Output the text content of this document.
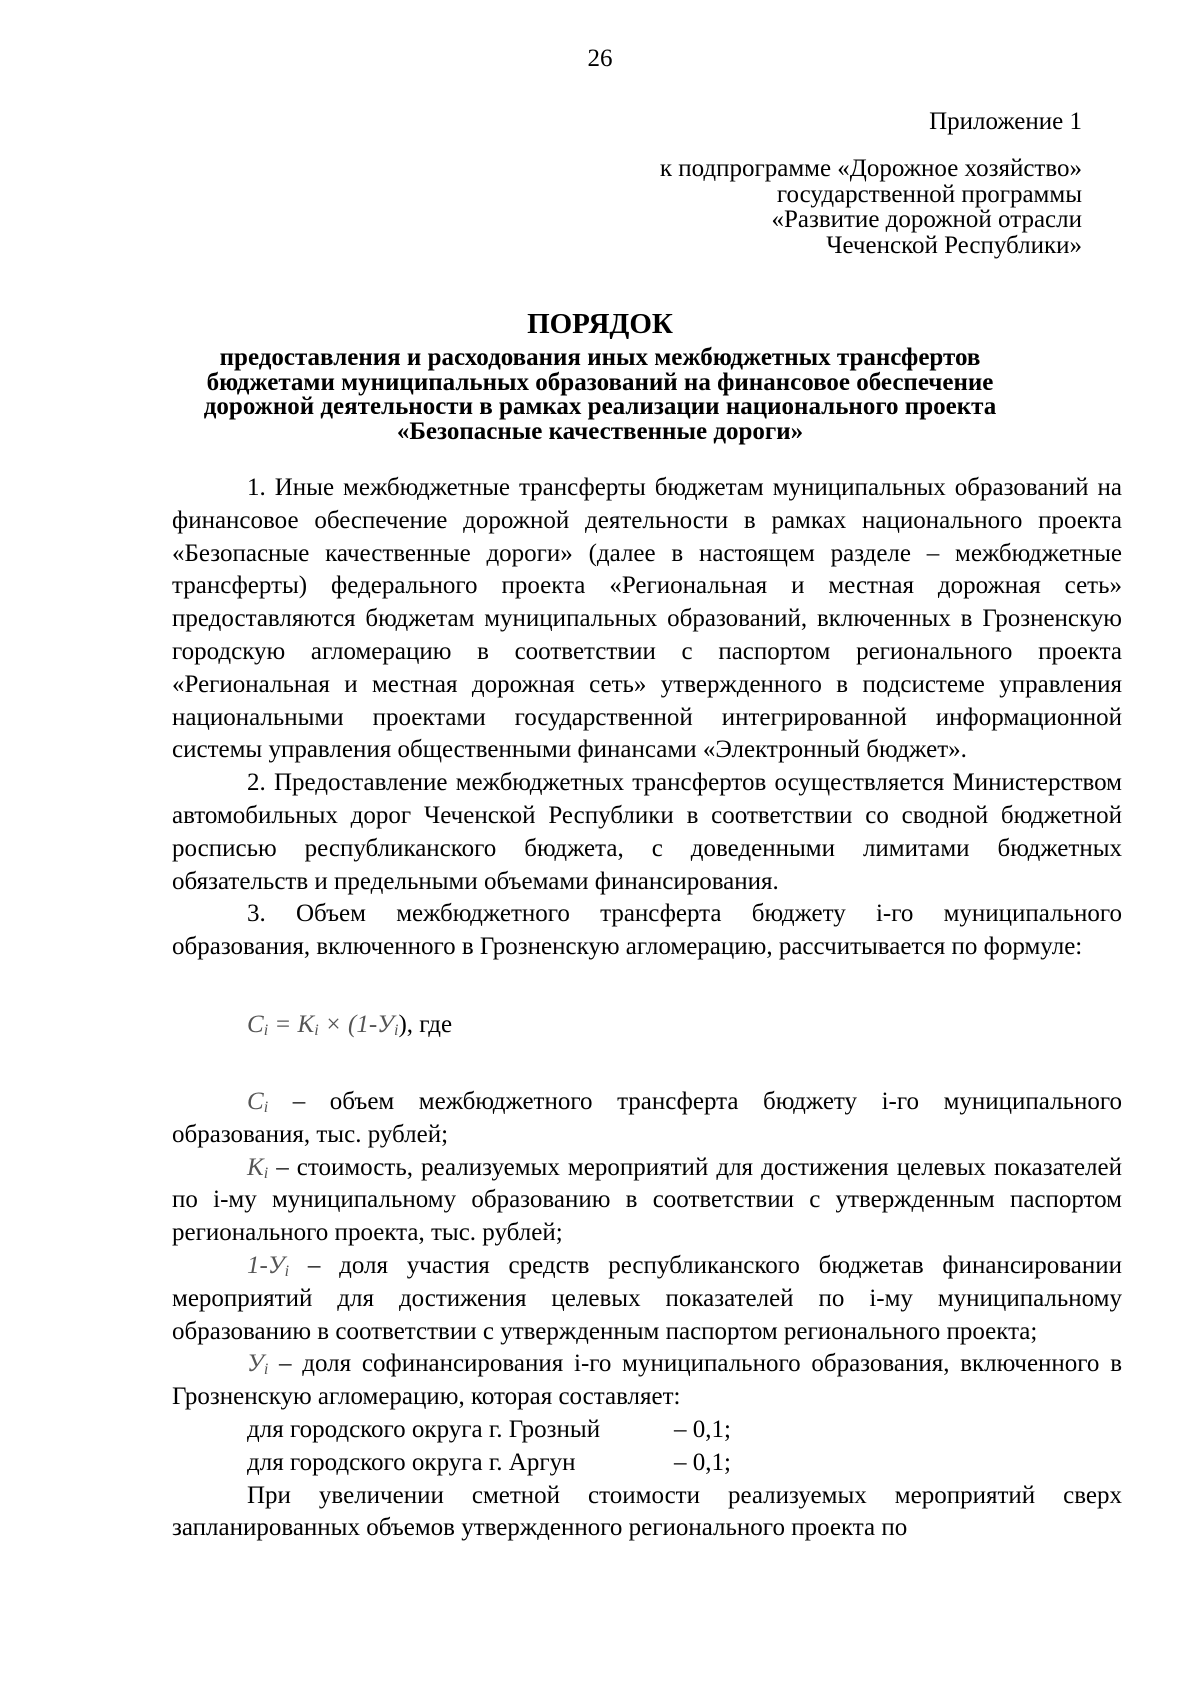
26
Приложение 1
к подпрограмме «Дорожное хозяйство»
государственной программы
«Развитие дорожной отрасли
Чеченской Республики»
ПОРЯДОК
предоставления и расходования иных межбюджетных трансфертов
бюджетами муниципальных образований на финансовое обеспечение
дорожной деятельности в рамках реализации национального проекта
«Безопасные качественные дороги»

1. Иные межбюджетные трансферты бюджетам муниципальных образований на финансовое обеспечение дорожной деятельности в рамках национального проекта «Безопасные качественные дороги» (далее в настоящем разделе – межбюджетные трансферты) федерального проекта «Региональная и местная дорожная сеть» предоставляются бюджетам муниципальных образований, включенных в Грозненскую городскую агломерацию в соответствии с паспортом регионального проекта «Региональная и местная дорожная сеть» утвержденного в подсистеме управления национальными проектами государственной интегрированной информационной системы управления общественными финансами «Электронный бюджет».

2. Предоставление межбюджетных трансфертов осуществляется Министерством автомобильных дорог Чеченской Республики в соответствии со сводной бюджетной росписью республиканского бюджета, с доведенными лимитами бюджетных обязательств и предельными объемами финансирования.

3. Объем межбюджетного трансферта бюджету i-го муниципального образования, включенного в Грозненскую агломерацию, рассчитывается по формуле:

$C_i = K_i \times (1-У_i)$, где

$C_i$ – объем межбюджетного трансферта бюджету i-го муниципального образования, тыс. рублей;

$K_i$ – стоимость, реализуемых мероприятий для достижения целевых показателей по i-му муниципальному образованию в соответствии с утвержденным паспортом регионального проекта, тыс. рублей;

$1-У_i$ – доля участия средств республиканского бюджетав финансировании мероприятий для достижения целевых показателей по i-му муниципальному образованию в соответствии с утвержденным паспортом регионального проекта;

$У_i$ – доля софинансирования i-го муниципального образования, включенного в Грозненскую агломерацию, которая составляет:

для городского округа г. Грозный	– 0,1;
для городского округа г. Аргун	– 0,1;

При увеличении сметной стоимости реализуемых мероприятий сверх запланированных объемов утвержденного регионального проекта по
